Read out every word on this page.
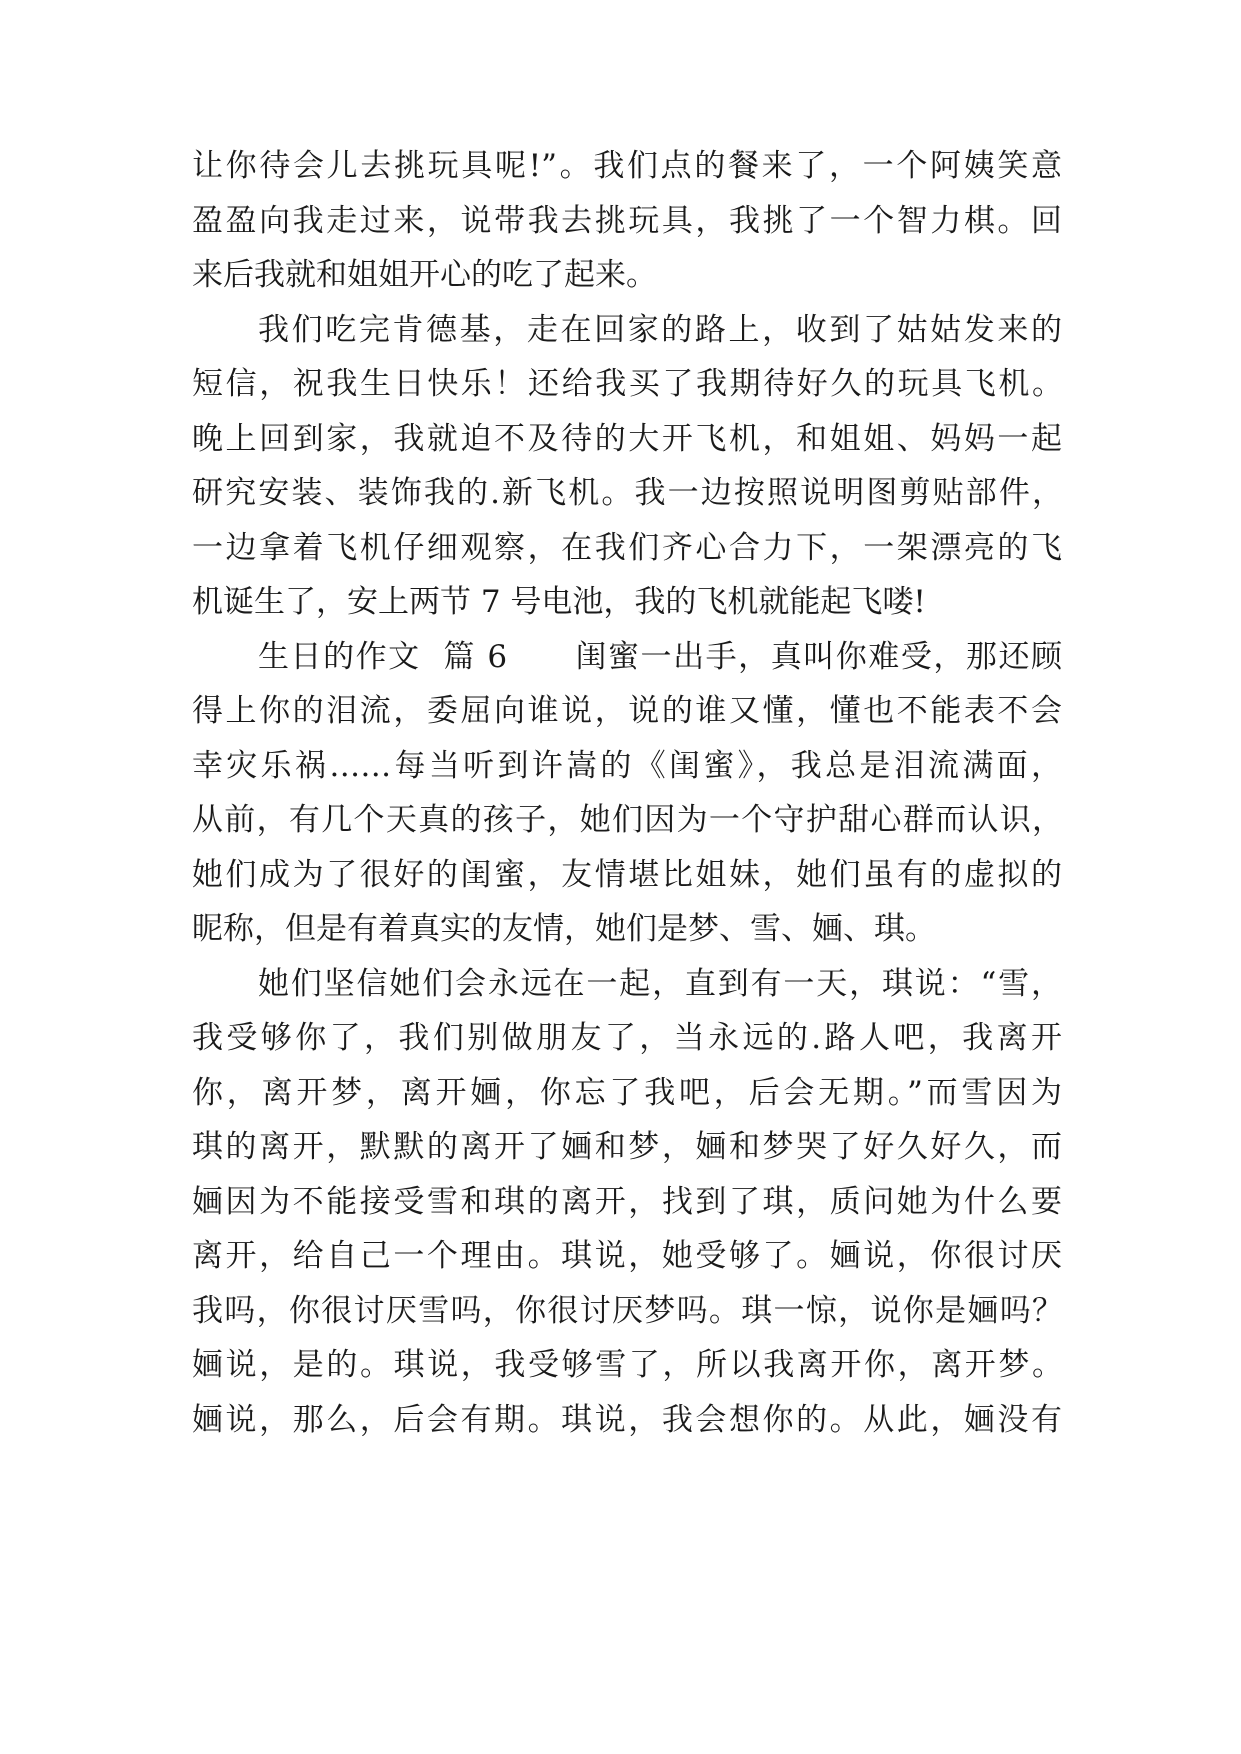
让你待会儿去挑玩具呢!”。我们点的餐来了，一个阿姨笑意
盈盈向我走过来，说带我去挑玩具，我挑了一个智力棋。回
来后我就和姐姐开心的吃了起来。
我们吃完肯德基，走在回家的路上，收到了姑姑发来的
短信，祝我生日快乐！还给我买了我期待好久的玩具飞机。
晚上回到家，我就迫不及待的大开飞机，和姐姐、妈妈一起
研究安装、装饰我的.新飞机。我一边按照说明图剪贴部件，
一边拿着飞机仔细观察，在我们齐心合力下，一架漂亮的飞
机诞生了，安上两节 7 号电池，我的飞机就能起飞喽!
生日的作文  篇 6      闺蜜一出手，真叫你难受，那还顾
得上你的泪流，委屈向谁说，说的谁又懂，懂也不能表不会
幸灾乐祸……每当听到许嵩的《闺蜜》，我总是泪流满面，
从前，有几个天真的孩子，她们因为一个守护甜心群而认识，
她们成为了很好的闺蜜，友情堪比姐妹，她们虽有的虚拟的
昵称，但是有着真实的友情，她们是梦、雪、婳、琪。
她们坚信她们会永远在一起，直到有一天，琪说：“雪，
我受够你了，我们别做朋友了，当永远的.路人吧，我离开
你，离开梦，离开婳，你忘了我吧，后会无期。”而雪因为
琪的离开，默默的离开了婳和梦，婳和梦哭了好久好久，而
婳因为不能接受雪和琪的离开，找到了琪，质问她为什么要
离开，给自己一个理由。琪说，她受够了。婳说，你很讨厌
我吗，你很讨厌雪吗，你很讨厌梦吗。琪一惊，说你是婳吗？
婳说，是的。琪说，我受够雪了，所以我离开你，离开梦。
婳说，那么，后会有期。琪说，我会想你的。从此，婳没有
